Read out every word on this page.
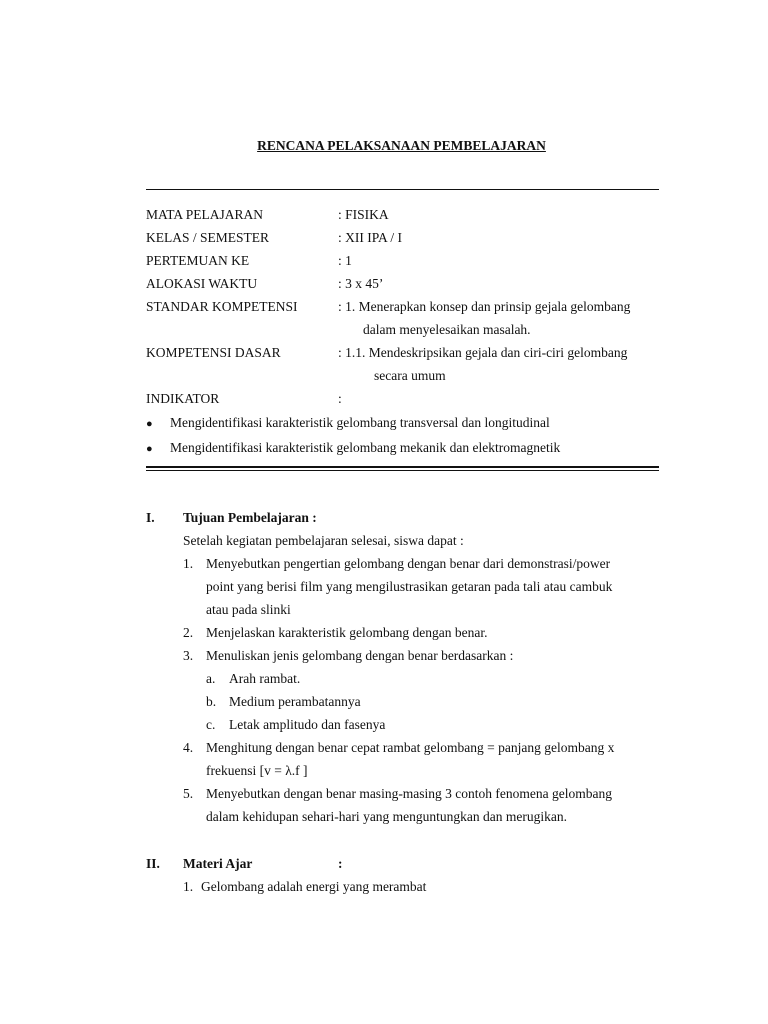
RENCANA PELAKSANAAN PEMBELAJARAN
MATA PELAJARAN	: FISIKA
KELAS / SEMESTER	: XII IPA / I
PERTEMUAN KE	: 1
ALOKASI WAKTU	: 3 x 45’
STANDAR KOMPETENSI	: 1. Menerapkan konsep dan prinsip gejala gelombang
dalam menyelesaikan masalah.
KOMPETENSI DASAR	: 1.1. Mendeskripsikan gejala dan ciri-ciri gelombang
secara umum
INDIKATOR	:
● Mengidentifikasi karakteristik gelombang transversal dan longitudinal
● Mengidentifikasi karakteristik gelombang mekanik dan elektromagnetik
I. Tujuan Pembelajaran :
Setelah kegiatan pembelajaran selesai, siswa dapat :
1. Menyebutkan pengertian gelombang dengan benar dari demonstrasi/power
point yang berisi film yang mengilustrasikan getaran pada tali atau cambuk
atau pada slinki
2. Menjelaskan karakteristik gelombang dengan benar.
3. Menuliskan jenis gelombang dengan benar berdasarkan :
a. Arah rambat.
b. Medium perambatannya
c. Letak amplitudo dan fasenya
4. Menghitung dengan benar cepat rambat gelombang = panjang gelombang x
frekuensi [v = λ.f ]
5. Menyebutkan dengan benar masing-masing 3 contoh fenomena gelombang
dalam kehidupan sehari-hari yang menguntungkan dan merugikan.
II. Materi Ajar	:
1. Gelombang adalah energi yang merambat
